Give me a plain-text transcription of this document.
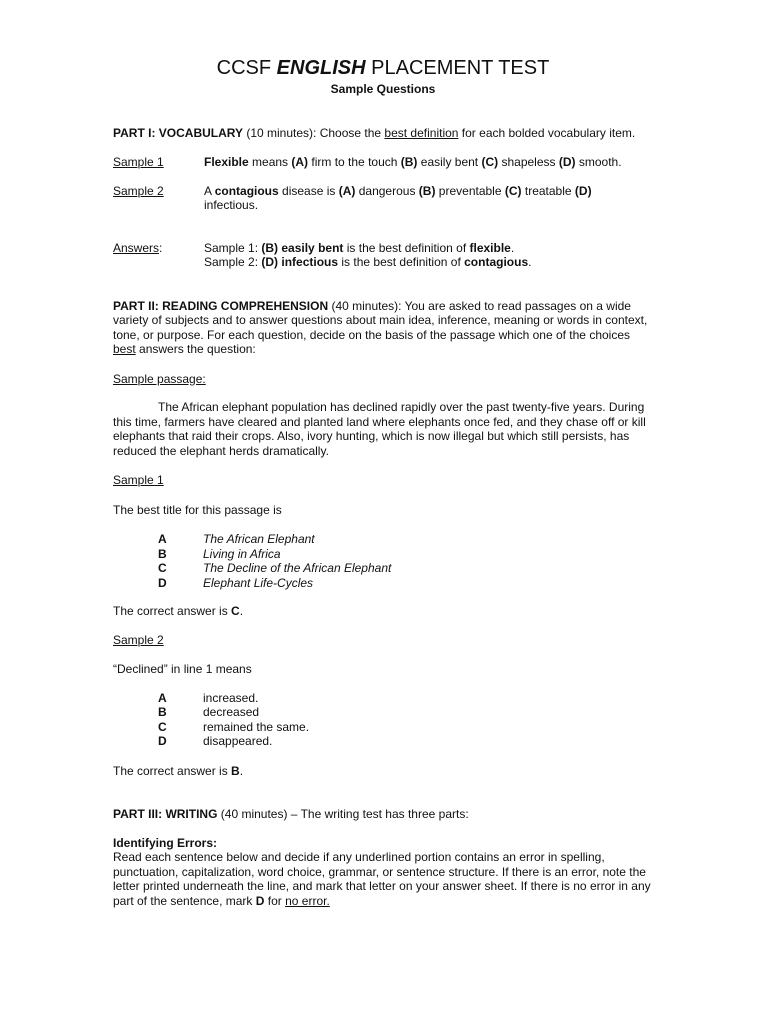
CCSF ENGLISH PLACEMENT TEST
Sample Questions

PART I: VOCABULARY (10 minutes): Choose the best definition for each bolded vocabulary item.

Sample 1	Flexible means (A) firm to the touch (B) easily bent (C) shapeless (D) smooth.
Sample 2	A contagious disease is (A) dangerous (B) preventable (C) treatable (D) infectious.
Answers:	Sample 1: (B) easily bent is the best definition of flexible.
Sample 2: (D) infectious is the best definition of contagious.

PART II: READING COMPREHENSION (40 minutes): You are asked to read passages on a wide variety of subjects and to answer questions about main idea, inference, meaning or words in context, tone, or purpose. For each question, decide on the basis of the passage which one of the choices best answers the question:

Sample passage:

The African elephant population has declined rapidly over the past twenty-five years. During this time, farmers have cleared and planted land where elephants once fed, and they chase off or kill elephants that raid their crops. Also, ivory hunting, which is now illegal but which still persists, has reduced the elephant herds dramatically.

Sample 1

The best title for this passage is

A	The African Elephant
B	Living in Africa
C	The Decline of the African Elephant
D	Elephant Life-Cycles

The correct answer is C.

Sample 2

“Declined” in line 1 means

A	increased.
B	decreased
C	remained the same.
D	disappeared.

The correct answer is B.

PART III: WRITING (40 minutes) – The writing test has three parts:

Identifying Errors:

Read each sentence below and decide if any underlined portion contains an error in spelling, punctuation, capitalization, word choice, grammar, or sentence structure. If there is an error, note the letter printed underneath the line, and mark that letter on your answer sheet. If there is no error in any part of the sentence, mark D for no error.
